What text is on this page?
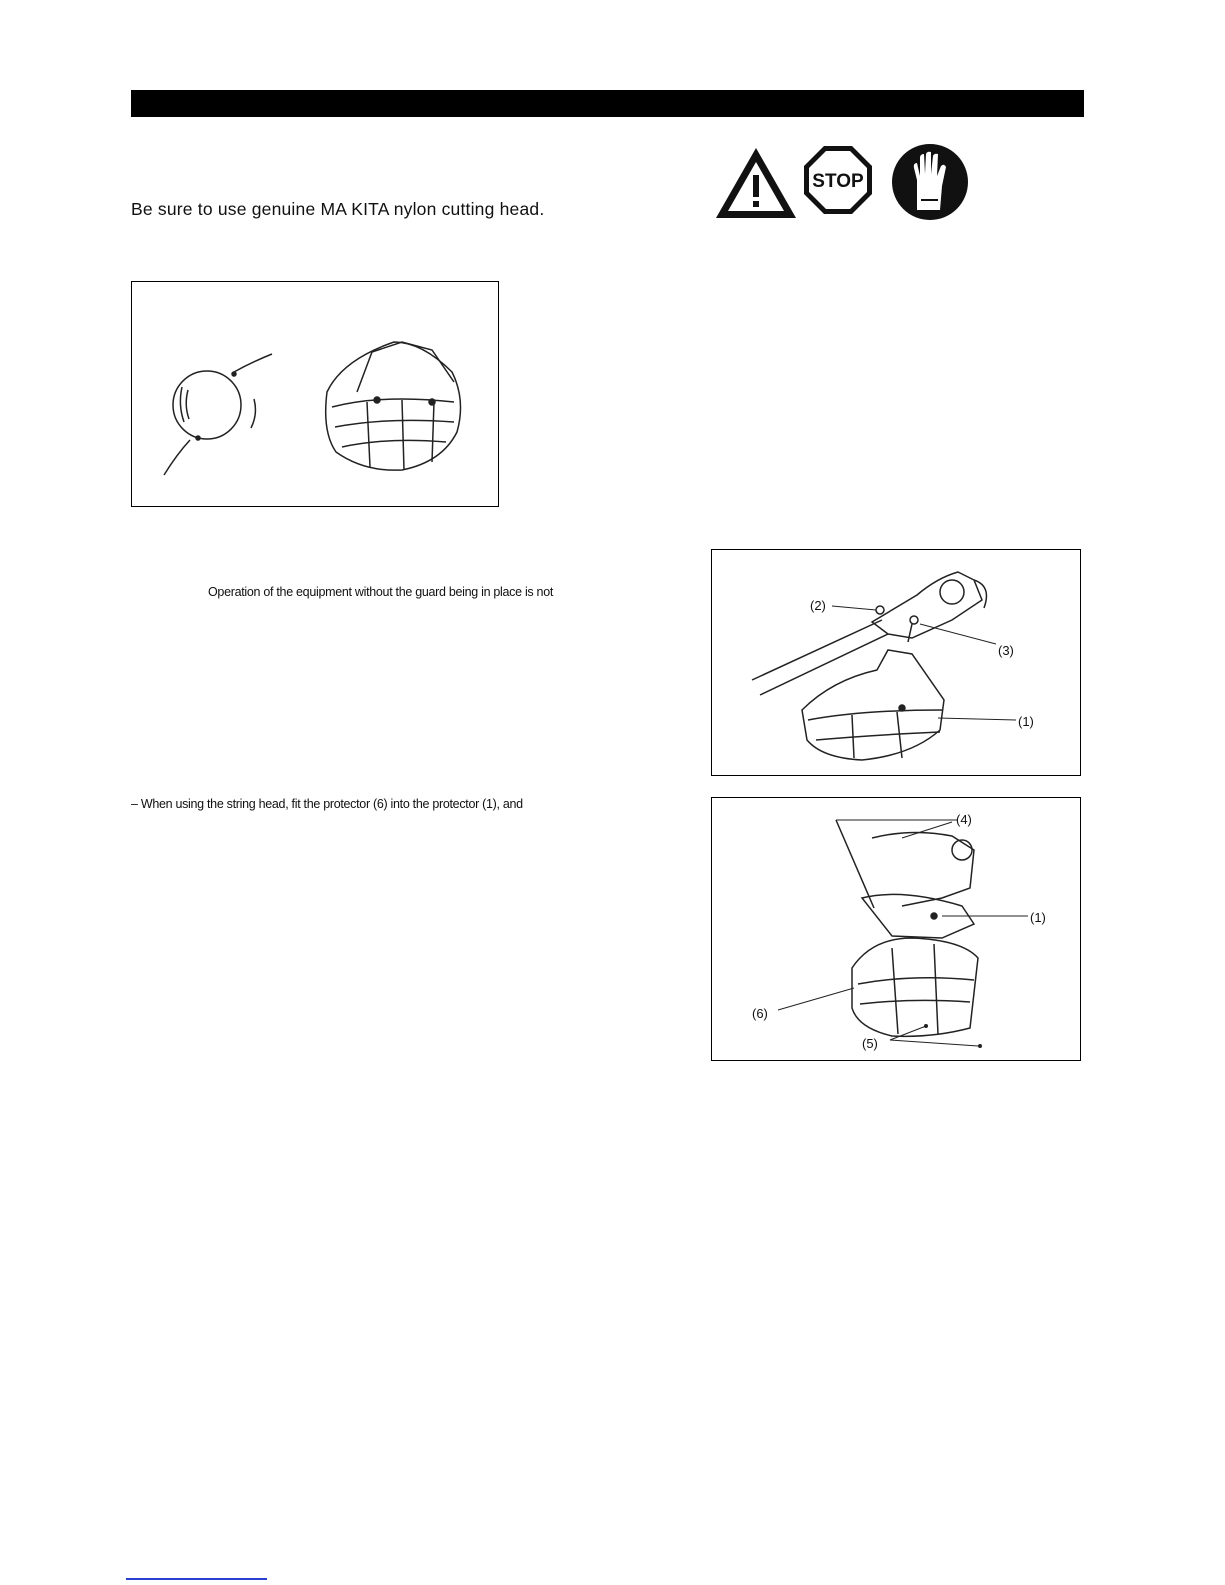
Be sure to use genuine MA KITA nylon cutting head.
STOP
Operation of the equipment without the guard being in place is not
(2)
(3)
(1)
– When using the string head, fit the protector (6) into the protector (1), and
(4)
(1)
(6)
(5)
